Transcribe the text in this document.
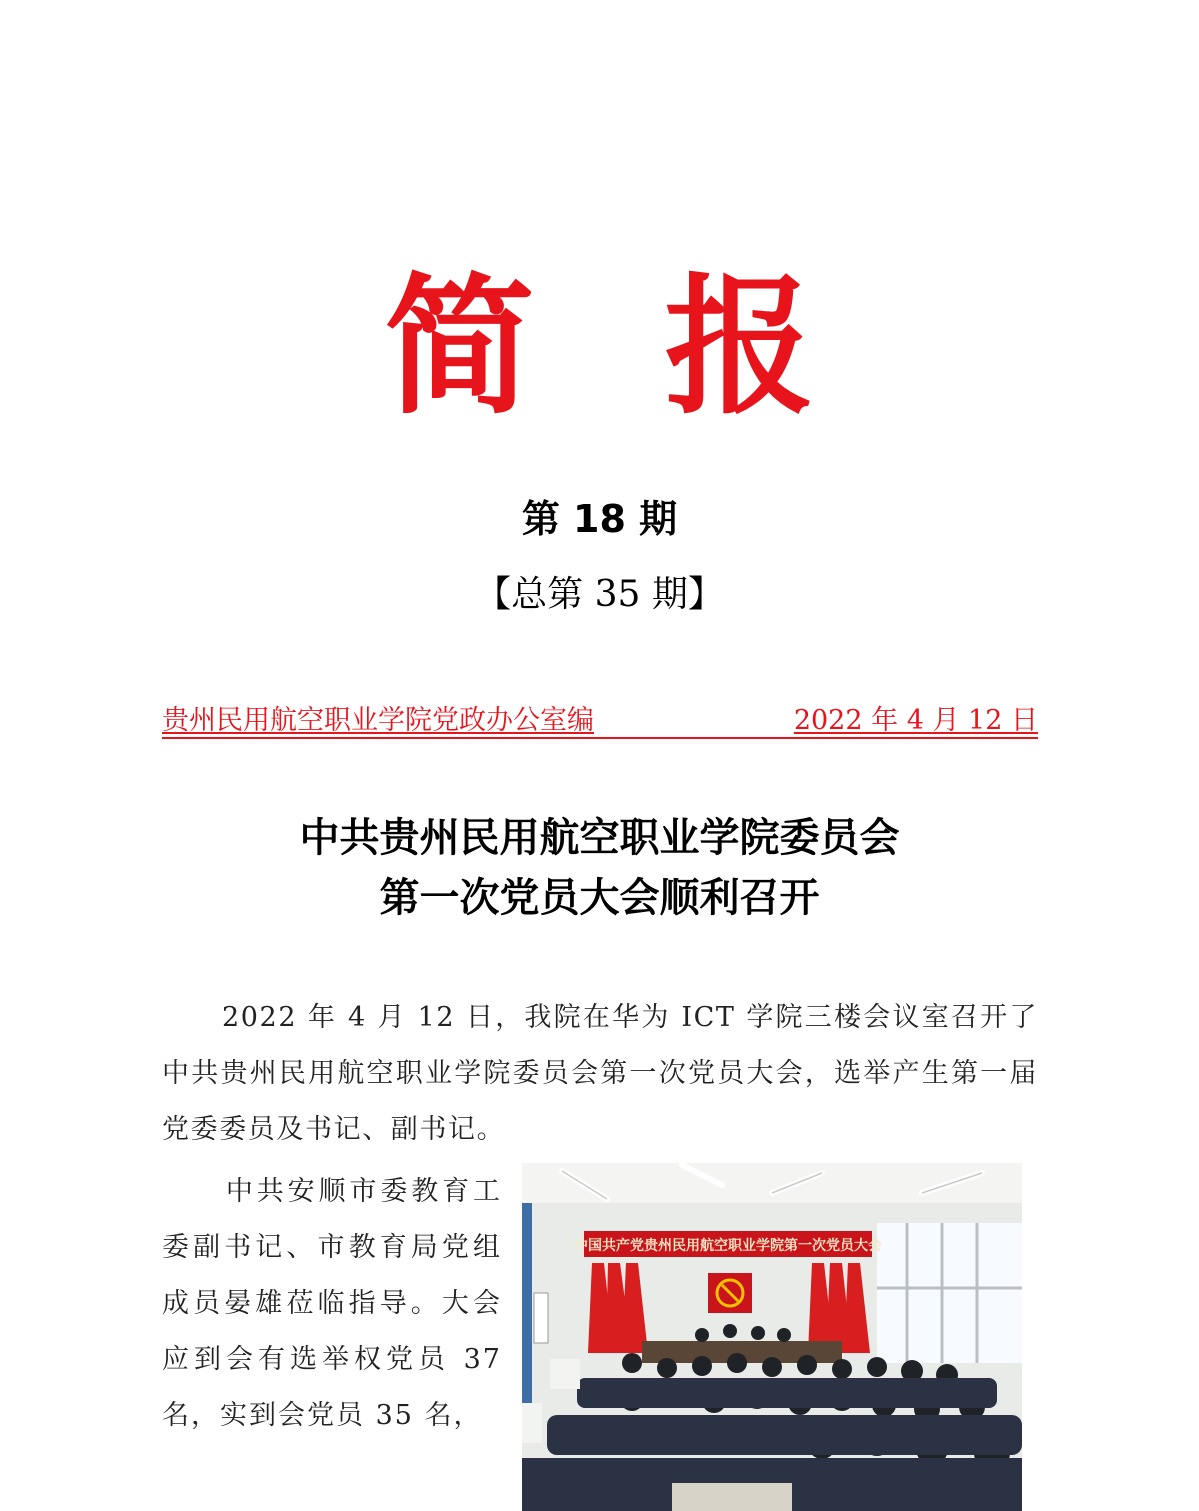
简 报
第 18 期
【总第 35 期】
贵州民用航空职业学院党政办公室编	2022 年 4 月 12 日
中共贵州民用航空职业学院委员会
第一次党员大会顺利召开
2022 年 4 月 12 日，我院在华为 ICT 学院三楼会议室召开了中共贵州民用航空职业学院委员会第一次党员大会，选举产生第一届党委委员及书记、副书记。
中共安顺市委教育工委副书记、市教育局党组成员晏雄莅临指导。大会应到会有选举权党员 37 名，实到会党员 35 名，
中国共产党贵州民用航空职业学院第一次党员大会
